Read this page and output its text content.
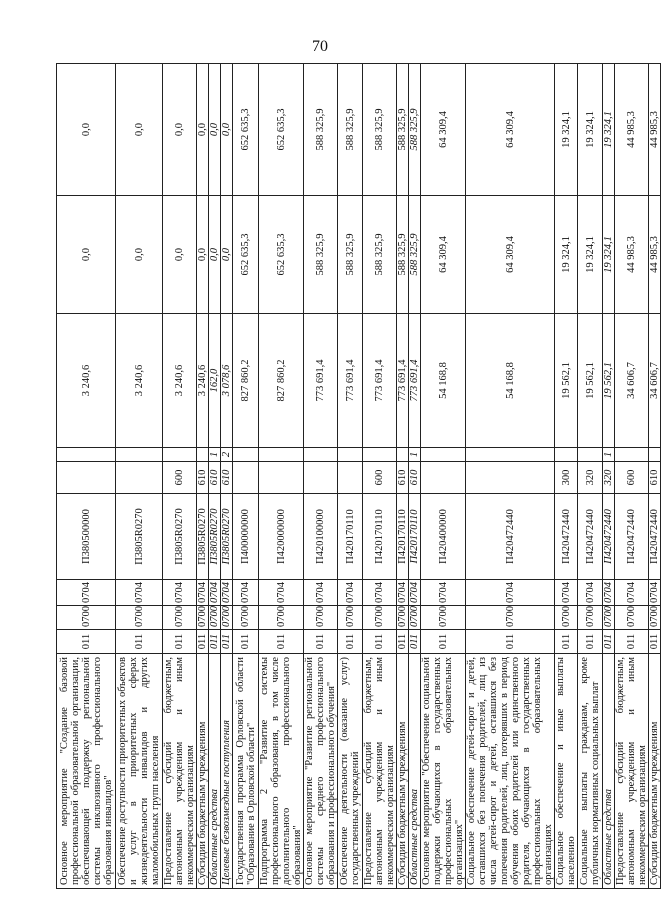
70
Основное мероприятие "Создание базовой профессиональной образовательной организации, обеспечивающей поддержку региональной системы инклюзивного профессионального образования инвалидов"	011	0700	0704	П380500000			3 240,6	0,0	0,0
Обеспечение доступности приоритетных объектов и услуг в приоритетных сферах жизнедеятельности инвалидов и других маломобильных групп населения	011	0700	0704	П3805R0270			3 240,6	0,0	0,0
Предоставление субсидий бюджетным, автономным учреждениям и иным некоммерческим организациям	011	0700	0704	П3805R0270	600		3 240,6	0,0	0,0
Субсидии бюджетным учреждениям	011	0700	0704	П3805R0270	610		3 240,6	0,0	0,0
Областные средства	011	0700	0704	П3805R0270	610	1	162,0	0,0	0,0
Целевые безвозмездные поступления	011	0700	0704	П3805R0270	610	2	3 078,6	0,0	0,0
Государственная программа Орловской области "Образование в Орловской области"	011	0700	0704	П400000000			827 860,2	652 635,3	652 635,3
Подпрограмма 2 "Развитие системы профессионального образования, в том числе дополнительного профессионального образования"	011	0700	0704	П420000000			827 860,2	652 635,3	652 635,3
Основное мероприятие "Развитие региональной системы среднего профессионального образования и профессионального обучения"	011	0700	0704	П420100000			773 691,4	588 325,9	588 325,9
Обеспечение деятельности (оказание услуг) государственных учреждений	011	0700	0704	П420170110			773 691,4	588 325,9	588 325,9
Предоставление субсидий бюджетным, автономным учреждениям и иным некоммерческим организациям	011	0700	0704	П420170110	600		773 691,4	588 325,9	588 325,9
Субсидии бюджетным учреждениям	011	0700	0704	П420170110	610		773 691,4	588 325,9	588 325,9
Областные средства	011	0700	0704	П420170110	610	1	773 691,4	588 325,9	588 325,9
Основное мероприятие "Обеспечение социальной поддержки обучающихся в государственных профессиональных образовательных организациях"	011	0700	0704	П420400000			54 168,8	64 309,4	64 309,4
Социальное обеспечение детей-сирот и детей, оставшихся без попечения родителей, лиц из числа детей-сирот и детей, оставшихся без попечения родителей, лиц, потерявших в период обучения обоих родителей или единственного родителя, обучающихся в государственных профессиональных образовательных организациях	011	0700	0704	П420472440			54 168,8	64 309,4	64 309,4
Социальное обеспечение и иные выплаты населению	011	0700	0704	П420472440	300		19 562,1	19 324,1	19 324,1
Социальные выплаты гражданам, кроме публичных нормативных социальных выплат	011	0700	0704	П420472440	320		19 562,1	19 324,1	19 324,1
Областные средства	011	0700	0704	П420472440	320	1	19 562,1	19 324,1	19 324,1
Предоставление субсидий бюджетным, автономным учреждениям и иным некоммерческим организациям	011	0700	0704	П420472440	600		34 606,7	44 985,3	44 985,3
Субсидии бюджетным учреждениям	011	0700	0704	П420472440	610		34 606,7	44 985,3	44 985,3
